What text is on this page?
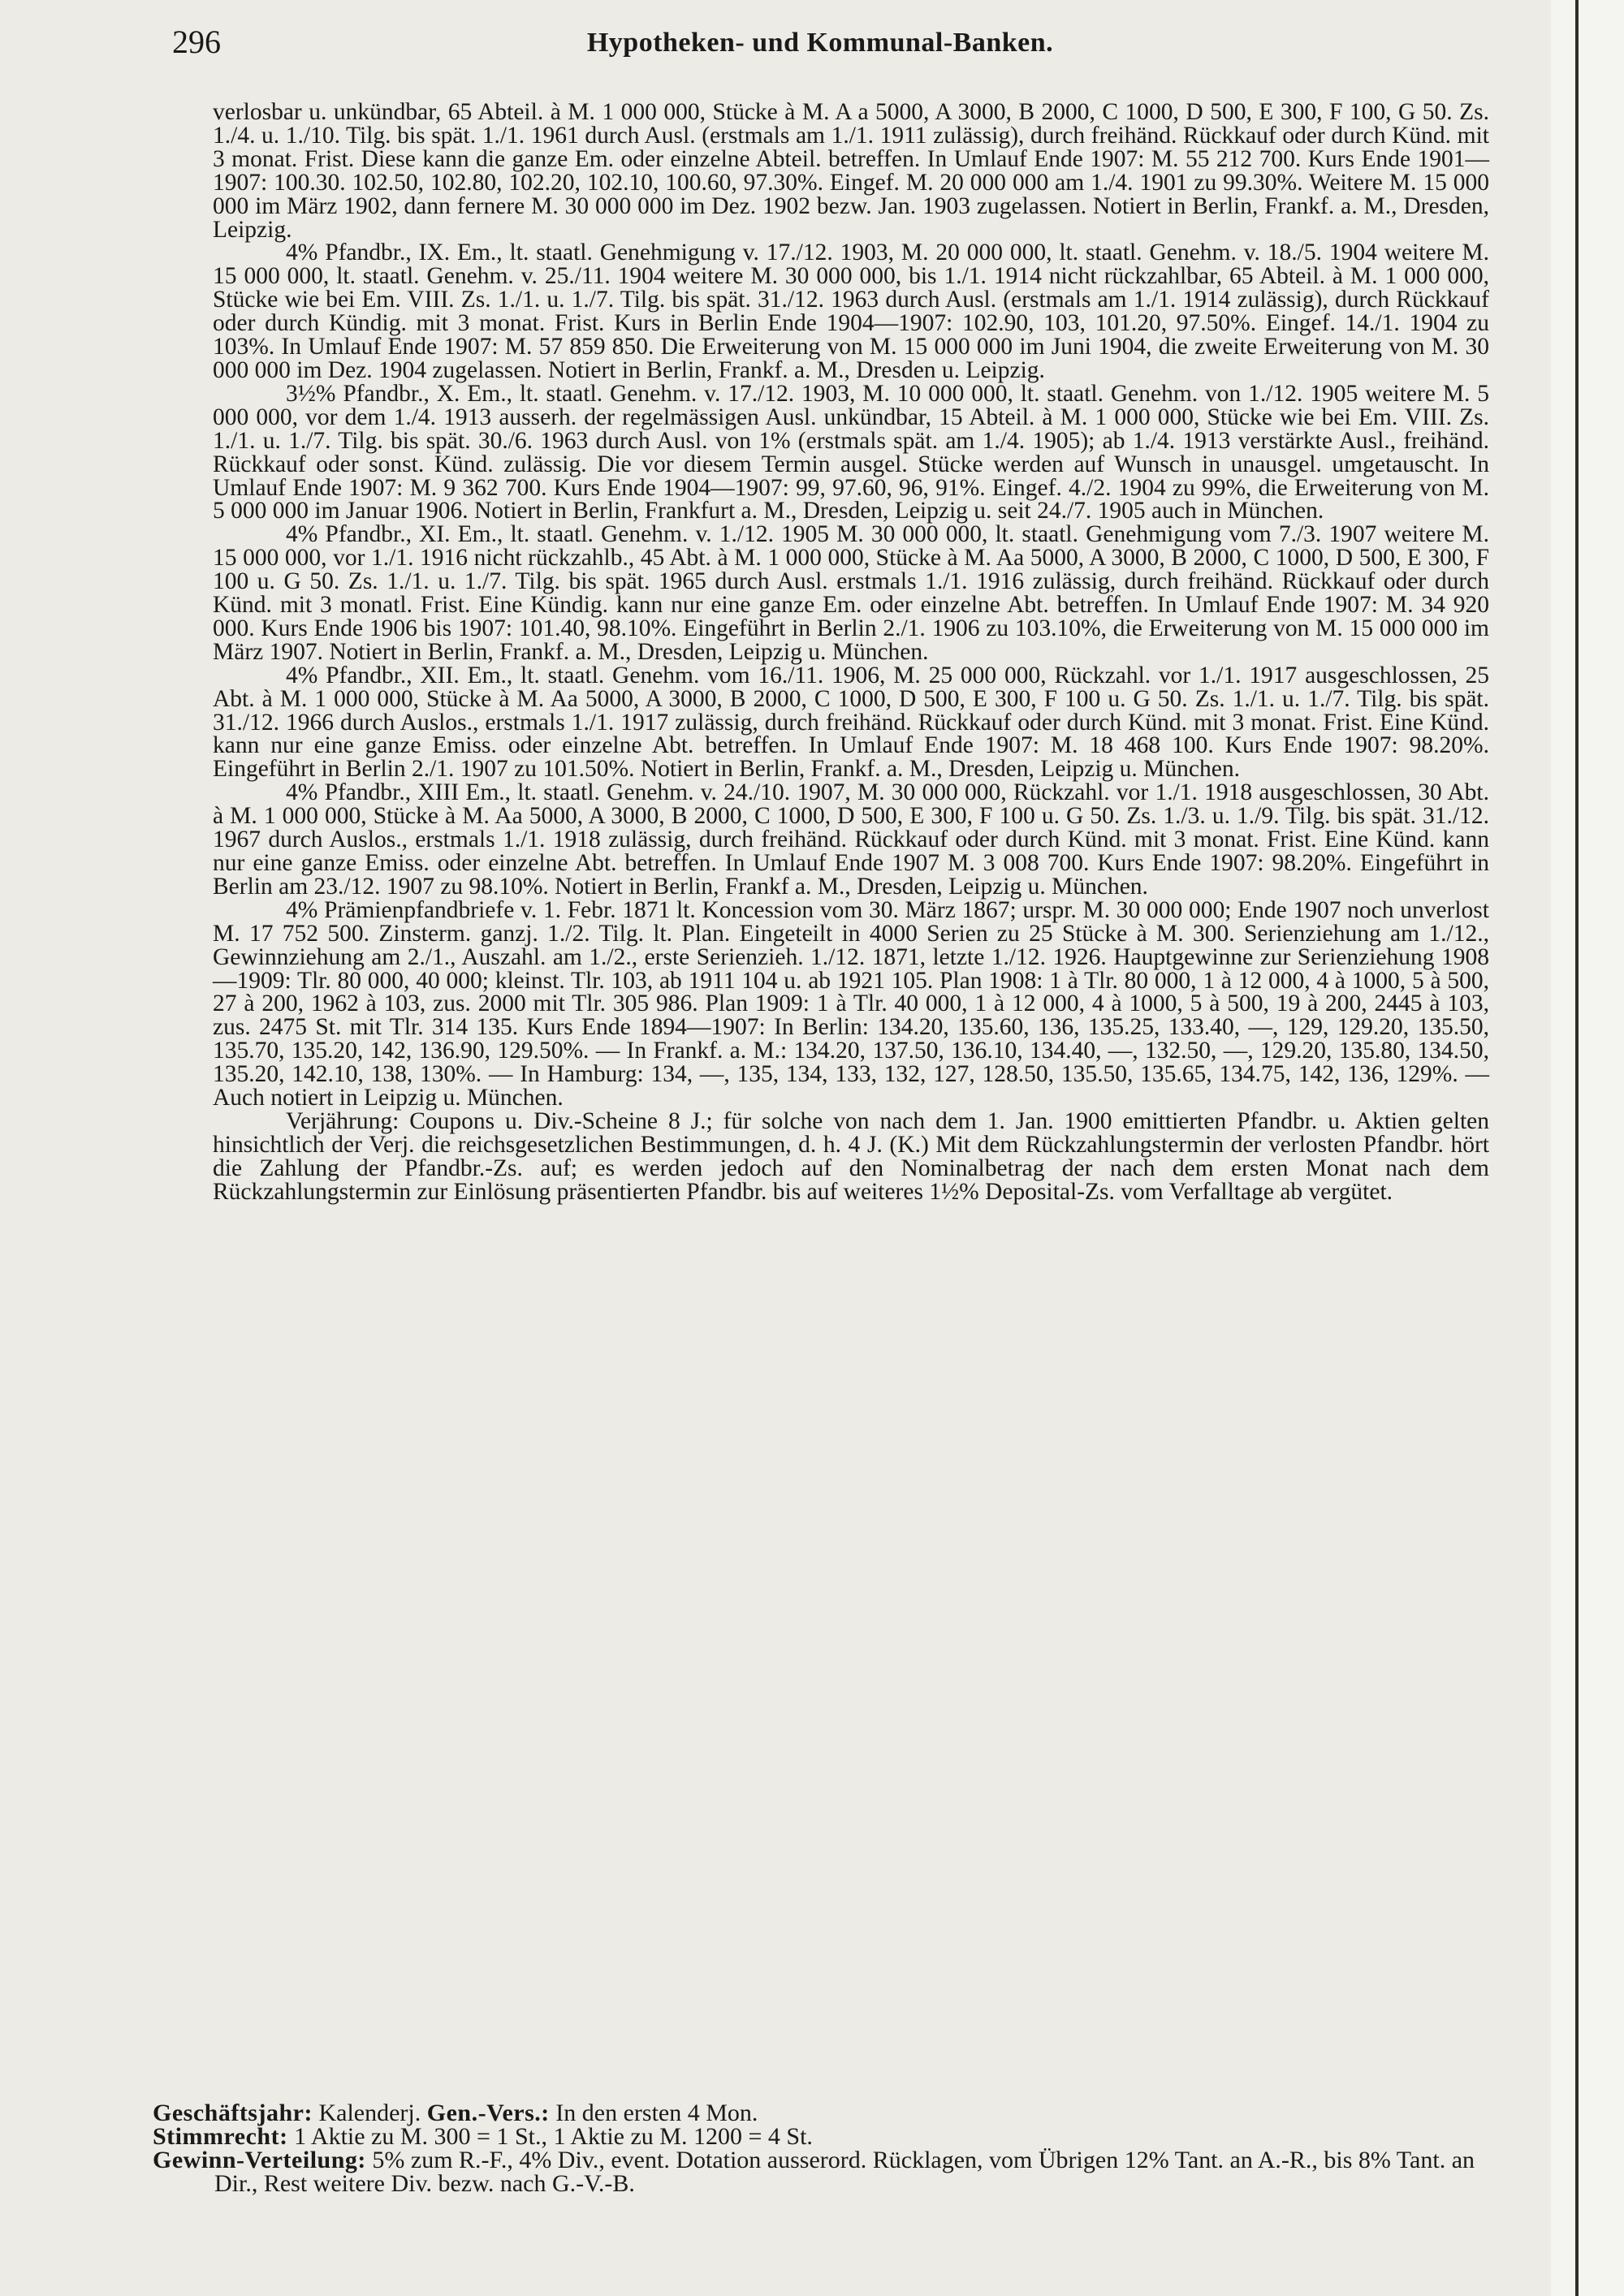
296	Hypotheken- und Kommunal-Banken.

verlosbar u. unkündbar, 65 Abteil. à M. 1 000 000, Stücke à M. A a 5000, A 3000, B 2000, C 1000, D 500, E 300, F 100, G 50. Zs. 1./4. u. 1./10. Tilg. bis spät. 1./1. 1961 durch Ausl. (erstmals am 1./1. 1911 zulässig), durch freihänd. Rückkauf oder durch Künd. mit 3 monat. Frist. Diese kann die ganze Em. oder einzelne Abteil. betreffen. In Umlauf Ende 1907: M. 55 212 700. Kurs Ende 1901—1907: 100.30. 102.50, 102.80, 102.20, 102.10, 100.60, 97.30%. Eingef. M. 20 000 000 am 1./4. 1901 zu 99.30%. Weitere M. 15 000 000 im März 1902, dann fernere M. 30 000 000 im Dez. 1902 bezw. Jan. 1903 zugelassen. Notiert in Berlin, Frankf. a. M., Dresden, Leipzig.

4% Pfandbr., IX. Em., lt. staatl. Genehmigung v. 17./12. 1903, M. 20 000 000, lt. staatl. Genehm. v. 18./5. 1904 weitere M. 15 000 000, lt. staatl. Genehm. v. 25./11. 1904 weitere M. 30 000 000, bis 1./1. 1914 nicht rückzahlbar, 65 Abteil. à M. 1 000 000, Stücke wie bei Em. VIII. Zs. 1./1. u. 1./7. Tilg. bis spät. 31./12. 1963 durch Ausl. (erstmals am 1./1. 1914 zulässig), durch Rückkauf oder durch Kündig. mit 3 monat. Frist. Kurs in Berlin Ende 1904—1907: 102.90, 103, 101.20, 97.50%. Eingef. 14./1. 1904 zu 103%. In Umlauf Ende 1907: M. 57 859 850. Die Erweiterung von M. 15 000 000 im Juni 1904, die zweite Erweiterung von M. 30 000 000 im Dez. 1904 zugelassen. Notiert in Berlin, Frankf. a. M., Dresden u. Leipzig.

3½% Pfandbr., X. Em., lt. staatl. Genehm. v. 17./12. 1903, M. 10 000 000, lt. staatl. Genehm. von 1./12. 1905 weitere M. 5 000 000, vor dem 1./4. 1913 ausserh. der regelmässigen Ausl. unkündbar, 15 Abteil. à M. 1 000 000, Stücke wie bei Em. VIII. Zs. 1./1. u. 1./7. Tilg. bis spät. 30./6. 1963 durch Ausl. von 1% (erstmals spät. am 1./4. 1905); ab 1./4. 1913 verstärkte Ausl., freihänd. Rückkauf oder sonst. Künd. zulässig. Die vor diesem Termin ausgel. Stücke werden auf Wunsch in unausgel. umgetauscht. In Umlauf Ende 1907: M. 9 362 700. Kurs Ende 1904—1907: 99, 97.60, 96, 91%. Eingef. 4./2. 1904 zu 99%, die Erweiterung von M. 5 000 000 im Januar 1906. Notiert in Berlin, Frankfurt a. M., Dresden, Leipzig u. seit 24./7. 1905 auch in München.

4% Pfandbr., XI. Em., lt. staatl. Genehm. v. 1./12. 1905 M. 30 000 000, lt. staatl. Genehmigung vom 7./3. 1907 weitere M. 15 000 000, vor 1./1. 1916 nicht rückzahlb., 45 Abt. à M. 1 000 000, Stücke à M. Aa 5000, A 3000, B 2000, C 1000, D 500, E 300, F 100 u. G 50. Zs. 1./1. u. 1./7. Tilg. bis spät. 1965 durch Ausl. erstmals 1./1. 1916 zulässig, durch freihänd. Rückkauf oder durch Künd. mit 3 monatl. Frist. Eine Kündig. kann nur eine ganze Em. oder einzelne Abt. betreffen. In Umlauf Ende 1907: M. 34 920 000. Kurs Ende 1906 bis 1907: 101.40, 98.10%. Eingeführt in Berlin 2./1. 1906 zu 103.10%, die Erweiterung von M. 15 000 000 im März 1907. Notiert in Berlin, Frankf. a. M., Dresden, Leipzig u. München.

4% Pfandbr., XII. Em., lt. staatl. Genehm. vom 16./11. 1906, M. 25 000 000, Rückzahl. vor 1./1. 1917 ausgeschlossen, 25 Abt. à M. 1 000 000, Stücke à M. Aa 5000, A 3000, B 2000, C 1000, D 500, E 300, F 100 u. G 50. Zs. 1./1. u. 1./7. Tilg. bis spät. 31./12. 1966 durch Auslos., erstmals 1./1. 1917 zulässig, durch freihänd. Rückkauf oder durch Künd. mit 3 monat. Frist. Eine Künd. kann nur eine ganze Emiss. oder einzelne Abt. betreffen. In Umlauf Ende 1907: M. 18 468 100. Kurs Ende 1907: 98.20%. Eingeführt in Berlin 2./1. 1907 zu 101.50%. Notiert in Berlin, Frankf. a. M., Dresden, Leipzig u. München.

4% Pfandbr., XIII Em., lt. staatl. Genehm. v. 24./10. 1907, M. 30 000 000, Rückzahl. vor 1./1. 1918 ausgeschlossen, 30 Abt. à M. 1 000 000, Stücke à M. Aa 5000, A 3000, B 2000, C 1000, D 500, E 300, F 100 u. G 50. Zs. 1./3. u. 1./9. Tilg. bis spät. 31./12. 1967 durch Auslos., erstmals 1./1. 1918 zulässig, durch freihänd. Rückkauf oder durch Künd. mit 3 monat. Frist. Eine Künd. kann nur eine ganze Emiss. oder einzelne Abt. betreffen. In Umlauf Ende 1907 M. 3 008 700. Kurs Ende 1907: 98.20%. Eingeführt in Berlin am 23./12. 1907 zu 98.10%. Notiert in Berlin, Frankf a. M., Dresden, Leipzig u. München.

4% Prämienpfandbriefe v. 1. Febr. 1871 lt. Koncession vom 30. März 1867; urspr. M. 30 000 000; Ende 1907 noch unverlost M. 17 752 500. Zinsterm. ganzj. 1./2. Tilg. lt. Plan. Eingeteilt in 4000 Serien zu 25 Stücke à M. 300. Serienziehung am 1./12., Gewinnziehung am 2./1., Auszahl. am 1./2., erste Serienzieh. 1./12. 1871, letzte 1./12. 1926. Hauptgewinne zur Serienziehung 1908—1909: Tlr. 80 000, 40 000; kleinst. Tlr. 103, ab 1911 104 u. ab 1921 105. Plan 1908: 1 à Tlr. 80 000, 1 à 12 000, 4 à 1000, 5 à 500, 27 à 200, 1962 à 103, zus. 2000 mit Tlr. 305 986. Plan 1909: 1 à Tlr. 40 000, 1 à 12 000, 4 à 1000, 5 à 500, 19 à 200, 2445 à 103, zus. 2475 St. mit Tlr. 314 135. Kurs Ende 1894—1907: In Berlin: 134.20, 135.60, 136, 135.25, 133.40, —, 129, 129.20, 135.50, 135.70, 135.20, 142, 136.90, 129.50%. — In Frankf. a. M.: 134.20, 137.50, 136.10, 134.40, —, 132.50, —, 129.20, 135.80, 134.50, 135.20, 142.10, 138, 130%. — In Hamburg: 134, —, 135, 134, 133, 132, 127, 128.50, 135.50, 135.65, 134.75, 142, 136, 129%. — Auch notiert in Leipzig u. München.

Verjährung: Coupons u. Div.-Scheine 8 J.; für solche von nach dem 1. Jan. 1900 emittierten Pfandbr. u. Aktien gelten hinsichtlich der Verj. die reichsgesetzlichen Bestimmungen, d. h. 4 J. (K.) Mit dem Rückzahlungstermin der verlosten Pfandbr. hört die Zahlung der Pfandbr.-Zs. auf; es werden jedoch auf den Nominalbetrag der nach dem ersten Monat nach dem Rückzahlungstermin zur Einlösung präsentierten Pfandbr. bis auf weiteres 1½% Deposital-Zs. vom Verfalltage ab vergütet.

Geschäftsjahr: Kalenderj. Gen.-Vers.: In den ersten 4 Mon.

Stimmrecht: 1 Aktie zu M. 300 = 1 St., 1 Aktie zu M. 1200 = 4 St.

Gewinn-Verteilung: 5% zum R.-F., 4% Div., event. Dotation ausserord. Rücklagen, vom Übrigen 12% Tant. an A.-R., bis 8% Tant. an Dir., Rest weitere Div. bezw. nach G.-V.-B.
